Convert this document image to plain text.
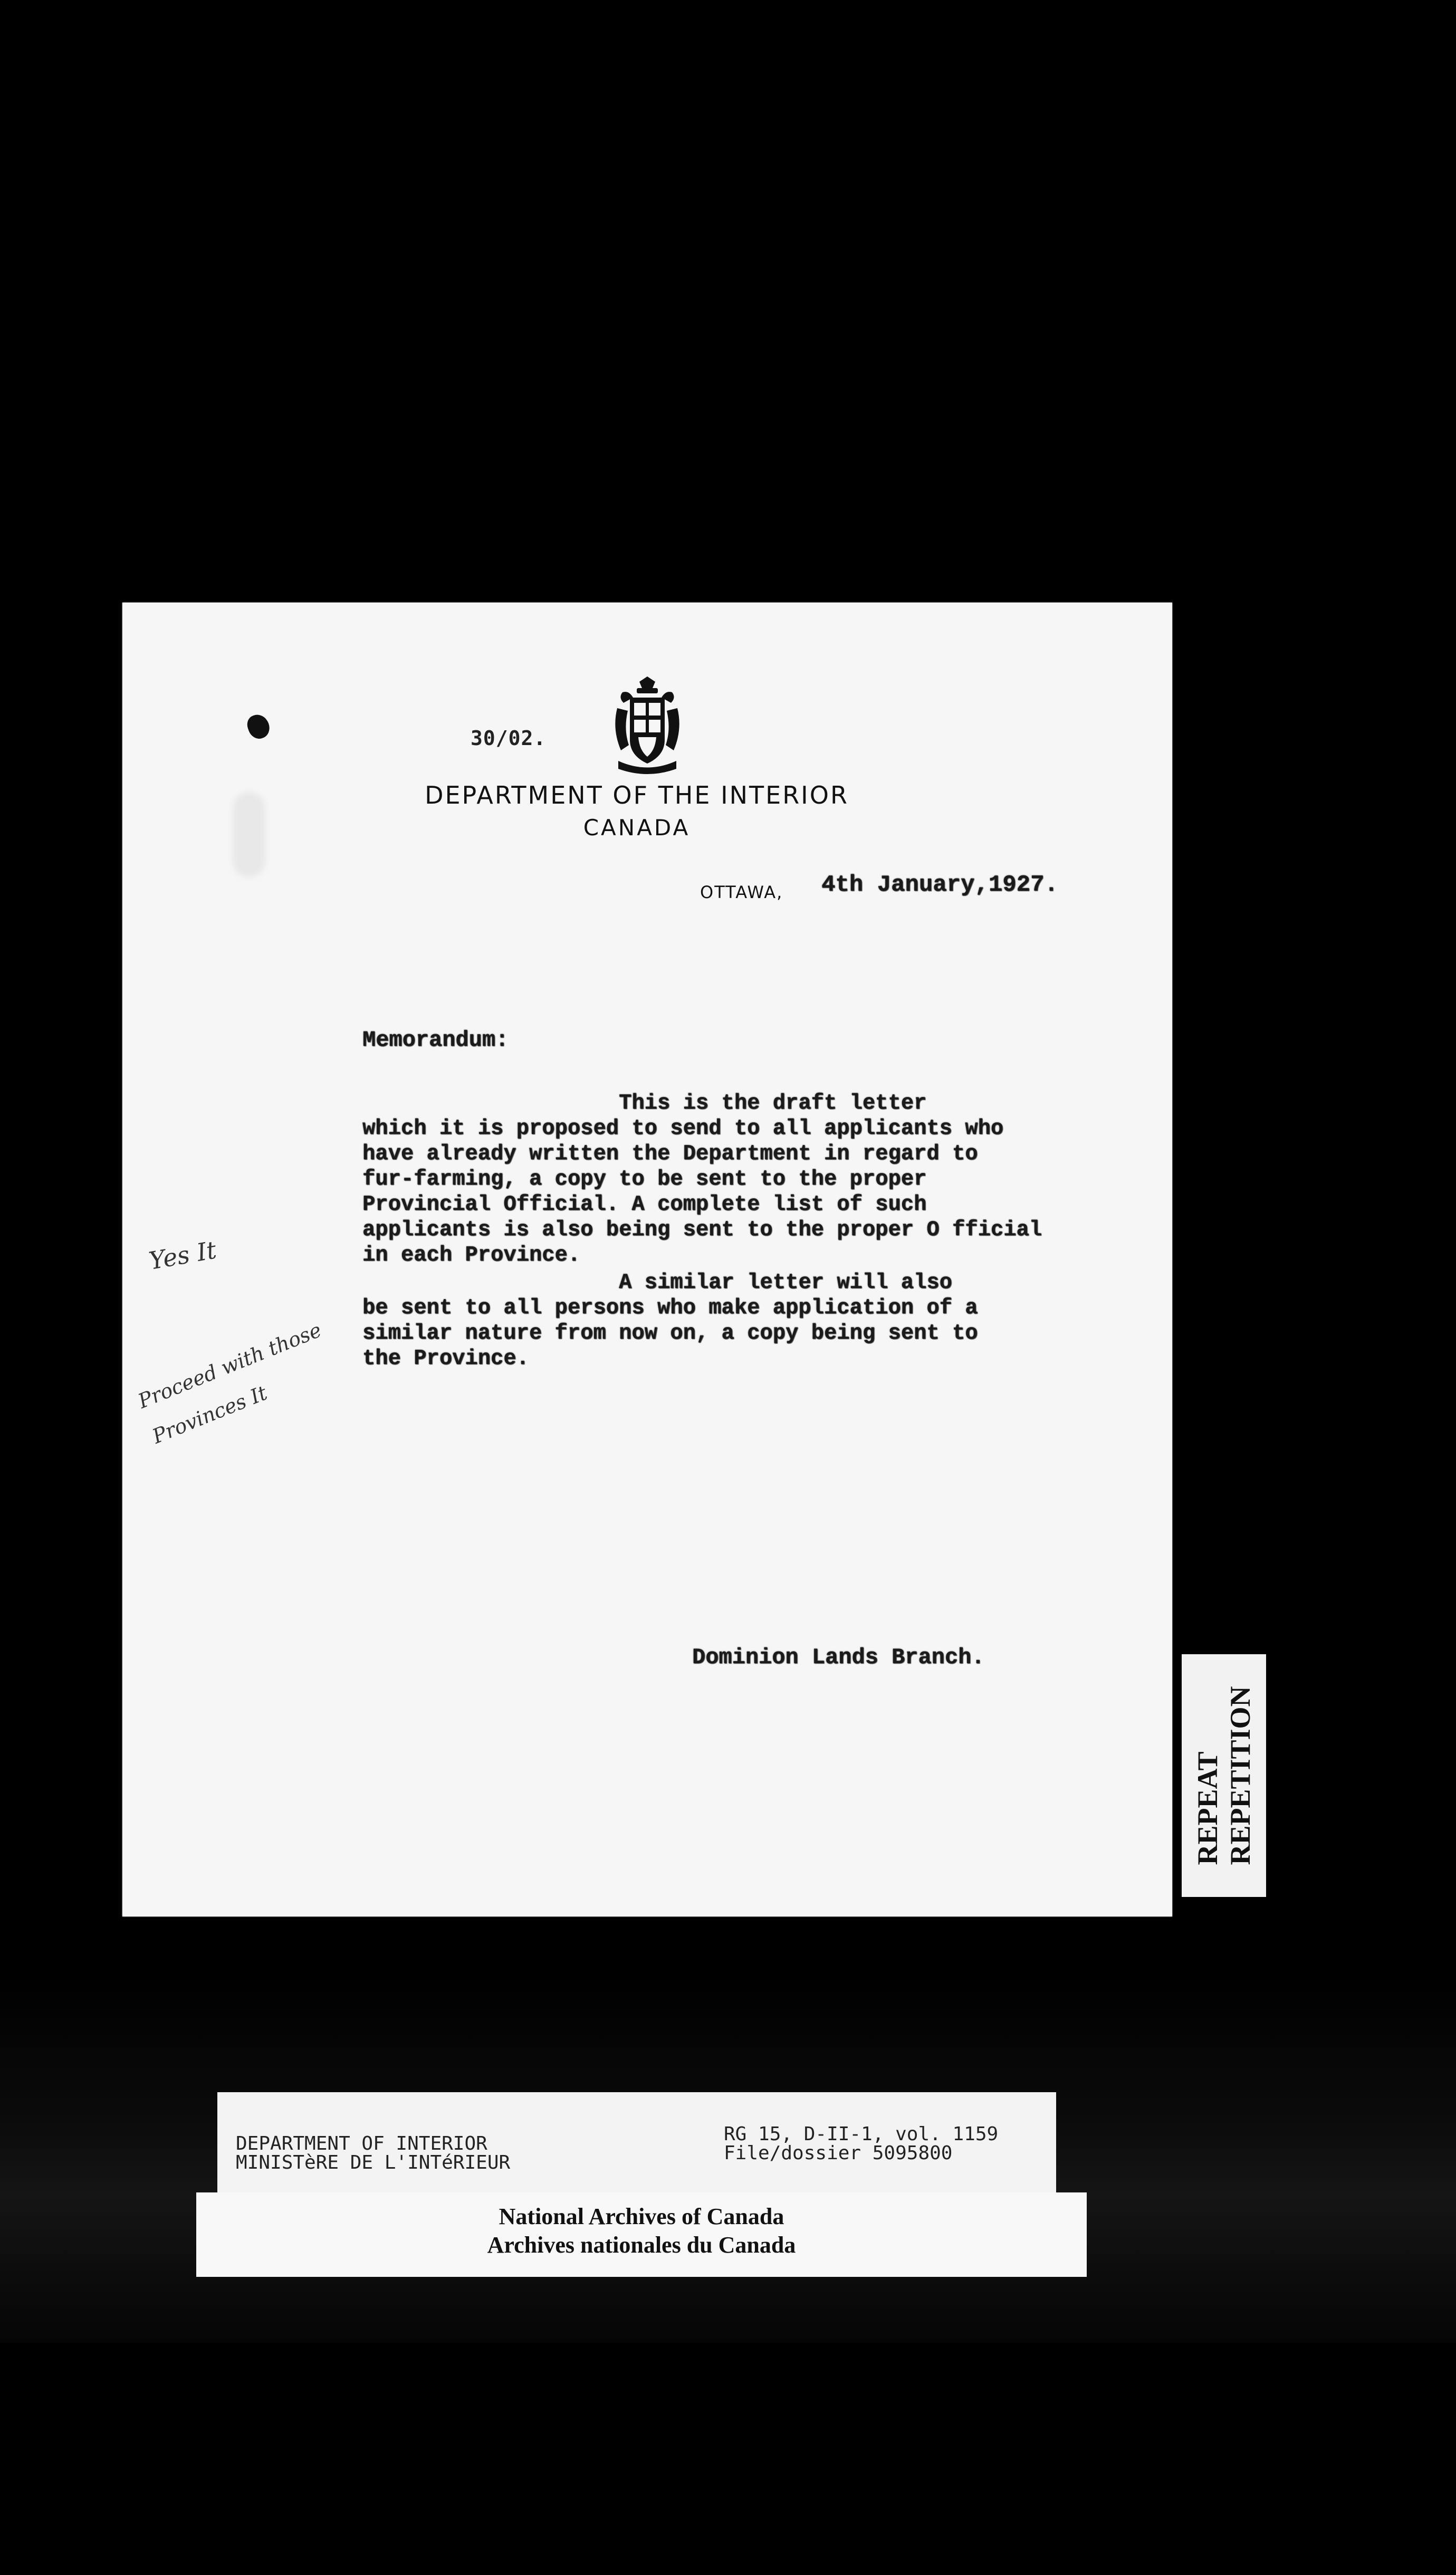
30/02.
DEPARTMENT OF THE INTERIOR
CANADA
OTTAWA, 4th January,1927.
Memorandum:
This is the draft letter
which it is proposed to send to all applicants who
have already written the Department in regard to
fur-farming, a copy to be sent to the proper
Provincial Official. A complete list of such
applicants is also being sent to the proper O fficial
in each Province.
A similar letter will also
be sent to all persons who make application of a
similar nature from now on, a copy being sent to
the Province.
Dominion Lands Branch.
Yes It
Proceed with those Provinces It
REPEAT REPETITION
DEPARTMENT OF INTERIOR
MINISTèRE DE L'INTéRIEUR
RG 15, D-II-1, vol. 1159
File/dossier 5095800
National Archives of Canada
Archives nationales du Canada
